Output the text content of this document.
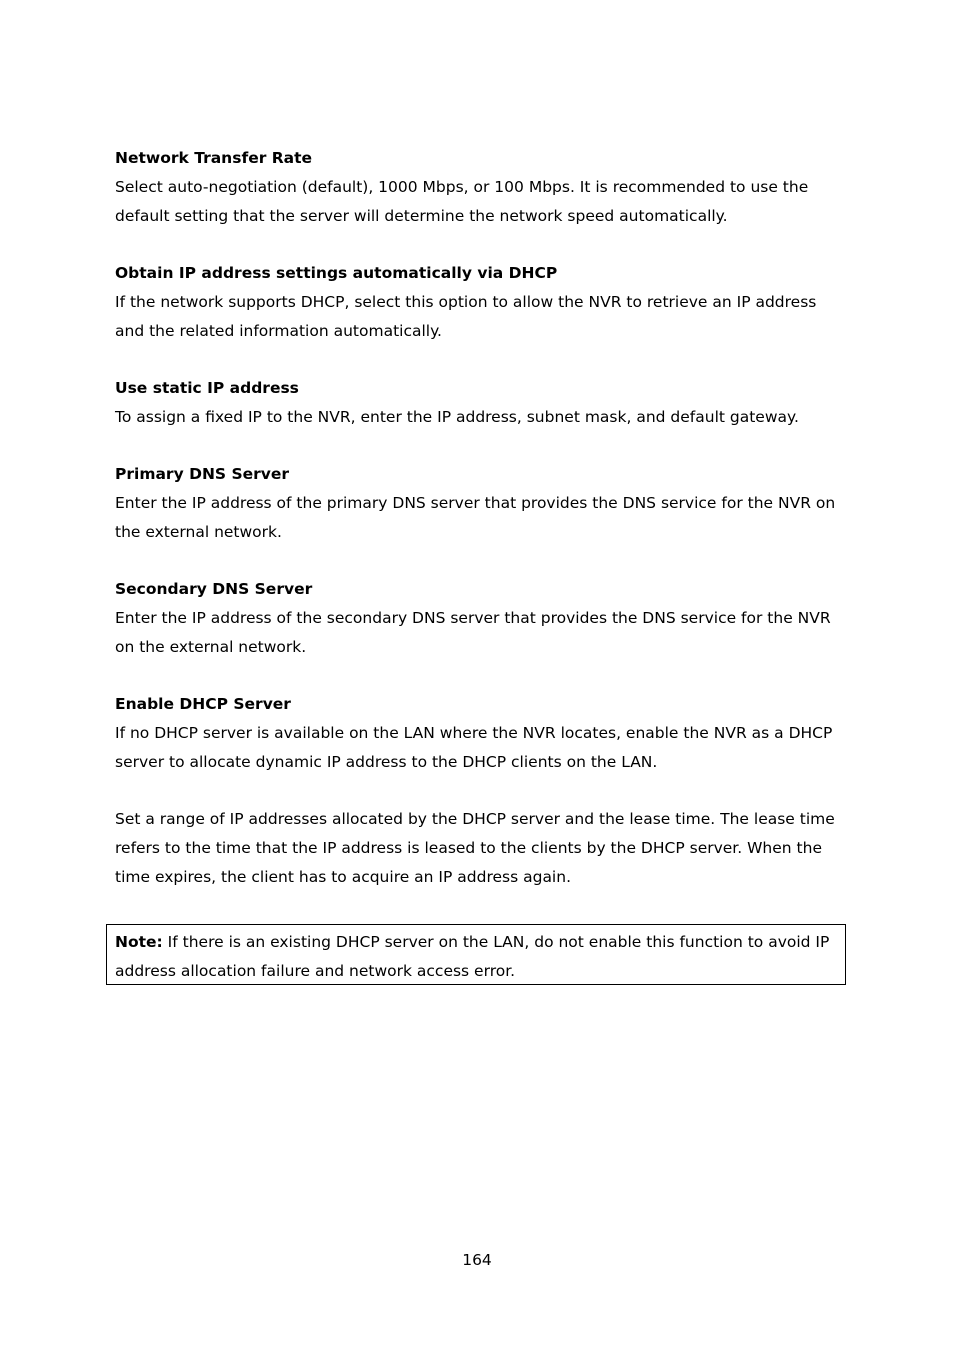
Network Transfer Rate

Select auto-negotiation (default), 1000 Mbps, or 100 Mbps. It is recommended to use the default setting that the server will determine the network speed automatically.

Obtain IP address settings automatically via DHCP

If the network supports DHCP, select this option to allow the NVR to retrieve an IP address and the related information automatically.

Use static IP address

To assign a fixed IP to the NVR, enter the IP address, subnet mask, and default gateway.

Primary DNS Server

Enter the IP address of the primary DNS server that provides the DNS service for the NVR on the external network.

Secondary DNS Server

Enter the IP address of the secondary DNS server that provides the DNS service for the NVR on the external network.

Enable DHCP Server

If no DHCP server is available on the LAN where the NVR locates, enable the NVR as a DHCP server to allocate dynamic IP address to the DHCP clients on the LAN.

Set a range of IP addresses allocated by the DHCP server and the lease time. The lease time refers to the time that the IP address is leased to the clients by the DHCP server. When the time expires, the client has to acquire an IP address again.

Note: If there is an existing DHCP server on the LAN, do not enable this function to avoid IP address allocation failure and network access error.

164
